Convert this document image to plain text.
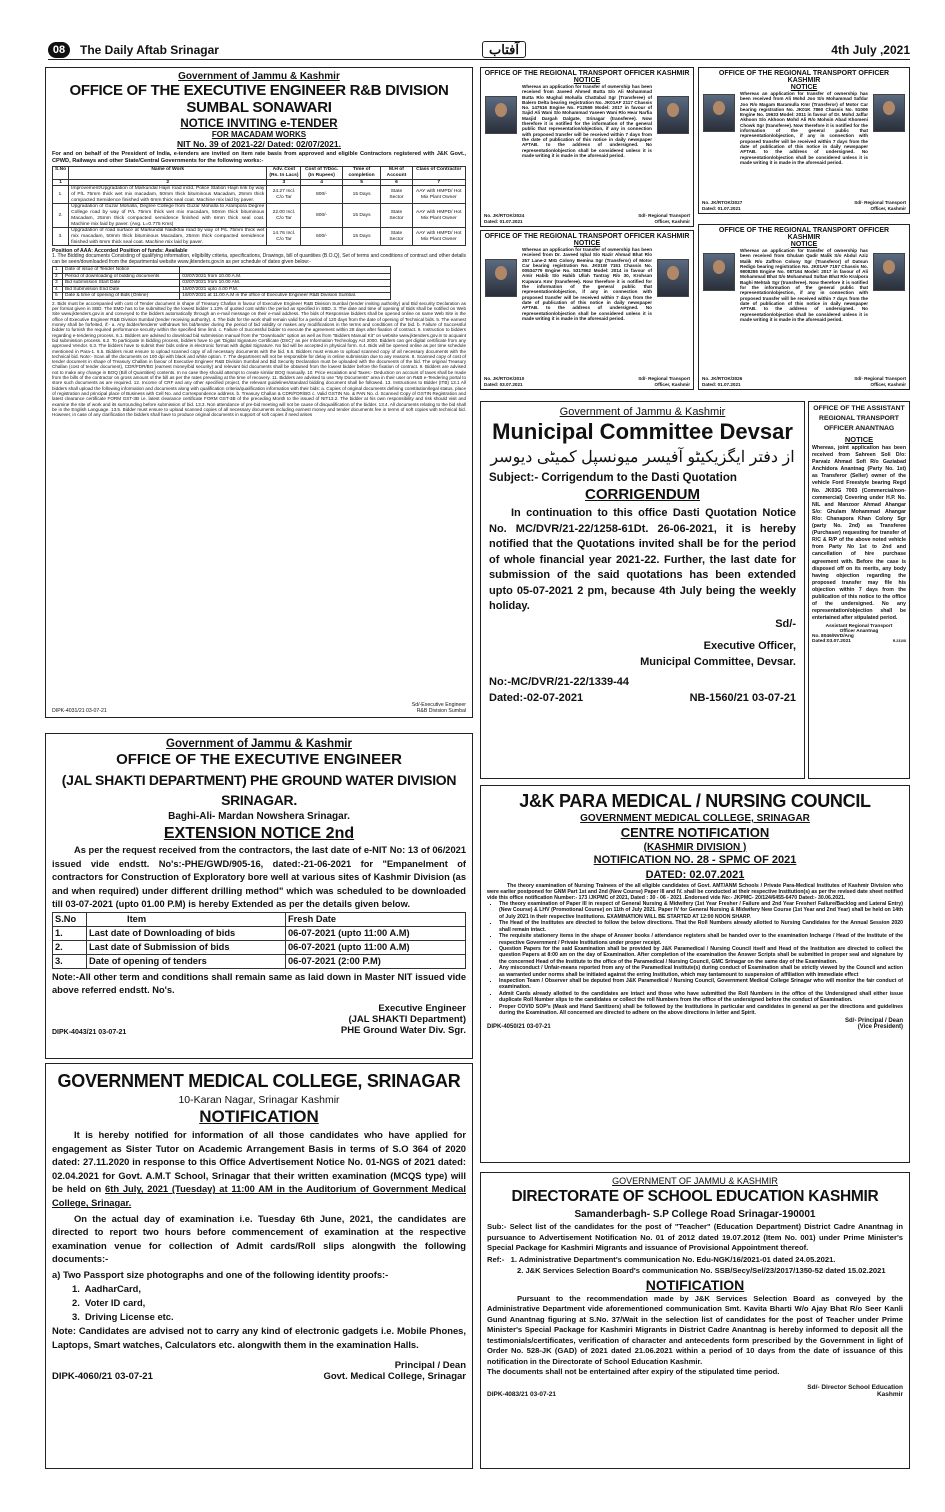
08	The Daily Aftab Srinagar	آفتاب	4th July ,2021
Government of Jammu & Kashmir
OFFICE OF THE EXECUTIVE ENGINEER R&B DIVISION SUMBAL SONAWARI
NOTICE INVITING e-TENDER
FOR MACADAM WORKS
NIT No. 39 of 2021-22/ Dated: 02/07/2021.
For and on behalf of the President of India, e-tenders are invited on item rate basis from approved and eligible Contractors registered with J&K Govt., CPWD, Railways and other State/Central Governments for the following works:-
S.No	Name of Work	Adv. Cost (Rs. In Lacs)	Cost of T/Doc. (In Rupees)	Time of completion	M.H of Account	Class of Contractor
1	2	3	4	5	6	7
1.	Improvement/Upgradation of Markundal Hajin road incld. Police Station Hajin link by way of P/L 75mm thick wet mix macadam, 50mm thick bituminous Macadam, 25mm thick compacted Semidence finished with 6mm thick seal coat. Machine mix laid by paver.	24.27 Incl. C/o Tar	800/-	15 Days	State Sector	AAY with HMPD/ Hot Mix Plant Owner
2.	Upgradation of Guzar Mohalla, Degree College from Guzar Mohalla to Arampora Degree College road by way of P/L 75mm thick wet mix macadam, 50mm thick bituminous Macadam, 25mm thick compacted semidence finished with 6mm thick seal coat. Machine mix laid by paver. (Avg. L=0.775 Kms)	22.00 Incl. C/o Tar	800/-	15 Days	State Sector	AAY with HMPD/ Hot Mix Plant Owner
3.	Upgradation of road surface at Markundal Naidkhai road by way of P/L 75mm thick wet mix macadam, 50mm thick bituminous Macadam, 25mm thick compacted semidence finished with 6mm thick seal coat. Machine mix laid by paver.	14.76 Incl. C/o Tar	600/-	15 Days	State Sector	AAY with HMPD/ Hot Mix Plant Owner
Position of AAA: Accorded Position of funds: Available
1. The Bidding documents Consisting of qualifying information, eligibility criteria, specifications, Drawings, bill of quantities (B.O.Q), Set of terms and conditions of contract and other details can be seen/downloaded from the departmental website www.jktenders.gov.in as per schedule of dates given below:-
1	Date of issue of Tender Notice	
2	Period of downloading of bidding documents	03/07/2021 from 10.00 A.M.
3	Bid submission Start Date	03/07/2021 from 10.00 AM.
4	Bid Submission End Date	15/07/2021 upto 4.00 P.M.
5	Date & time of opening of Bids (Online)	16/07/2021 at 11.00 A.M in the office of Executive Engineer R&B Division Sumbal.
2. Bids must be accompanied with cost of Tender document in shape of Treasury Challan in favour of Executive Engineer R&B Division Sumbal (tender inviting authority) and Bid security Declaration as per format given in SBD. The EMD has to be submitted by the lowest bidder 1.13% of quoted cost within the period as specified in SBD. 3. The date and time of opening of Bids shall be notified on Web Site www.jktenders.gov.in and conveyed to the bidders automatically through an e-mail message on their e-mail address. The bids of Responsive bidders shall be opened online on same Web Site in the office of Executive Engineer R&B Division Sumbal (tender receiving authority). 4. The bids for the work shall remain valid for a period of 120 days from the date of opening of Technical bids. 5. The earnest money shall be forfeited, if:- a. Any bidder/tenderer withdraws his bid/tender during the period of bid validity or makes any modifications in the terms and conditions of the bid. b. Failure of Successful bidder to furnish the required performance security within the specified time limit. c. Failure of Successful bidder to execute the agreement within 28 days after fixation of contract. 6. Instruction to bidders regarding e-tendering process. 6.1. Bidders are advised to download bid submission manual from the "Downloads" option as well as from "Bidders Manual Kit" on website www.jktenders.gov.in to acquaint bid submission process. 6.2. To participate in bidding process, bidders have to get 'Digital Signature Certificate (DSC)' as per Information Technology Act 2000. Bidders can get digital certificate from any approved Vendor. 6.3. The bidders have to submit their bids online in electronic format with digital Signature. No bid will be accepted in physical form. 6.4. Bids will be opened online as per time schedule mentioned in Para-1. 6.5. Bidders must ensure to upload scanned copy of all necessary documents with the bid. 6.6. Bidders must ensure to upload scanned copy of all necessary documents with the technical bid. Note:- Scan all the documents on 100 dpi with black and white option. 7. The department will not be responsible for delay in online submission due to any reasons. 8. Scanned copy of cost of tender document in shape of Treasury Challan in favour of Executive Engineer R&B Division Sumbal and Bid Security Declaration must be uploaded with the documents of the bid. The original Treasury Challan (cost of tender document), CDR/FDR/BG (earnest money/bid security) and relevant bid documents shall be obtained from the lowest bidder before the fixation of contract. 9. Bidders are advised not to make any change in BOQ (Bill of Quantities) contents. In no case they should attempt to create similar BOQ manually. 10. Price escalation and Taxes:- Deduction on account of taxes shall be made from the bills of the contractor on gross amount of the bill as per the rates prevailing at the time of recovery. 11. Bidders are advised to use "My Documents" area in their user on R&B e-Tendering portal to store such documents as are required. 12. Income of CRF and any other specified project, the relevant guidelines/standard bidding document shall be followed. 13. Instructions to Bidder (ITB) 13.1 All bidders shall upload the following information and documents along with qualification criteria/qualification information with their bids: a. Copies of original documents defining constitution/legal status, place of registration and principal place of Business with Cell No. and Correspondence address. b. Treasury Challan & CDR/FDR/BG c. Valid GSTIN No. & PAN No. d. Scanned Copy of GSTIN Registration and latest clearance certificate FORM GST-3B i.e. latest clearance certificate FORM GST-3B of the preceding Month to the issued of NIT13.2. The bidder at his own responsibility and risk should visit and examine the site of work and its surrounding before submission of bid. 13.3. Non attendance of pre-bid meeting will not be cause of disqualification of the bidder. 13.4. All documents relating to the bid shall be in the English Language. 13.5. Bidder must ensure to upload scanned copies of all necessary documents including earnest money and tender documents fee in terms of soft copies with technical bid. However, in case of any clarification the bidders shall have to produce original documents in support of soft copies if need arises
Sd/-Executive Engineer
DIPK-4031/21 03-07-21	R&B Division Sumbal
OFFICE OF THE REGIONAL TRANSPORT OFFICER KASHMIR
NOTICE
Whereas an application for transfer of ownership has been received from Javeed Ahmed Butta S/o Ali Mohammad Butta R/o Mughal Mohalla Chattabal Sgr (Transferee) of Balero Delta bearing registration No. JK01AF 2117 Chassis No. 147516 Engine No. F12569 Model: 2017 in favour of Sajid Ali Wani S/o Mohammad Yaseen Wani R/o Hear Narfia Masjid Dargah Dalgate, Srinagar (transferee). Now therefore it is notified for the information of the general public that representation/objection, if any in connection with proposed transfer will be received within 7 days from the date of publication of this notice in daily newspaper AFTAB. to the address of undersigned. No representation/objection shall be considered unless it is made writing it is made in the aforesaid period.
No. JK/RTOK/3024	Sd/- Regional Transport
Dated: 01.07.2021	Officer, Kashmir
OFFICE OF THE REGIONAL TRANSPORT OFFICER KASHMIR
NOTICE
Whereas an application for transfer of ownership has been received from Ali Mohd Joo S/o Mohammad Safdar Joo R/o Magam Baramulla Kmr (Transferor) of Motor Car bearing registration No. JK01K 7860 Chassis No. 51006 Engine No. 19633 Model: 2011 in favour of Dr. Mohd Jaffar Akhoon S/o Akhoon Mohd Ali R/o Mohsin Abad Khomeni Chowk Sgr (transferee). Now therefore it is notified for the information of the general public that representation/objection, if any in connection with proposed transfer will be received within 7 days from the date of publication of this notice in daily newspaper AFTAB. to the address of undersigned. No representation/objection shall be considered unless it is made writing it is made in the aforesaid period.
No. JK/RTOK/3027	Sd/- Regional Transport
Dated: 01.07.2021	Officer, Kashmir
OFFICE OF THE REGIONAL TRANSPORT OFFICER KASHMIR
NOTICE
Whereas an application for transfer of ownership has been received from Dr. Javeed Iqbal S/o Nazir Ahmad Bhat R/o 257 Lane-2 MIG Colony Bemina Sgr (Transferor) of Motor Car bearing registration No. JK01W 7151 Chassis No. 00534779 Engine No. 5317862 Model: 2014 in favour of Amir Habib S/o Habib Ullah Tantray R/o 30, Krohsan Kupwara Kmr (transferee). Now therefore it is notified for the information of the general public that representation/objection, if any in connection with proposed transfer will be received within 7 days from the date of publication of this notice in daily newspaper AFTAB. to the address of undersigned. No representation/objection shall be considered unless it is made writing it is made in the aforesaid period.
No. JK/RTOK/3010	Sd/- Regional Transport
Dated: 03.07.2021	Officer, Kashmir
OFFICE OF THE REGIONAL TRANSPORT OFFICER KASHMIR
NOTICE
Whereas an application for transfer of ownership has been received from Ghulam Qadir Malik S/o Abdul Aziz Malik R/o Zaffron Colony Sgr (Transferor) of Datsun Redigo bearing registration No. JK01AF 7157 Chassis No. 9808255 Engine No. 087164 Model: 2017 in favour of Ali Mohammad Bhat S/o Mohammad Sultan Bhat R/o Kralpora Baghi Mehtab Sgr (transferee). Now therefore it is notified for the information of the general public that representation/objection, if any in connection with proposed transfer will be received within 7 days from the date of publication of this notice in daily newspaper AFTAB. to the address of undersigned. No representation/objection shall be considered unless it is made writing it is made in the aforesaid period.
No. JK/RTOK/3026	Sd/- Regional Transport
Dated: 01.07.2021	Officer, Kashmir
Government of Jammu & Kashmir
Municipal Committee Devsar
از دفتر ایگزیکیٹو آفیسر میونسپل کمیٹی دیوسر
Subject:- Corrigendum to the Dasti Quotation
CORRIGENDUM
In continuation to this office Dasti Quotation Notice No. MC/DVR/21-22/1258-61Dt. 26-06-2021, it is hereby notified that the Quotations invited shall be for the period of whole financial year 2021-22. Further, the last date for submission of the said quotations has been extended upto 05-07-2021 2 pm, because 4th July being the weekly holiday.
Sd/-
Executive Officer,
Municipal Committee, Devsar.
No:-MC/DVR/21-22/1339-44
Dated:-02-07-2021	NB-1560/21 03-07-21
OFFICE OF THE ASSISTANT
REGIONAL TRANSPORT
OFFICER ANANTNAG
NOTICE
Whereas, joint application has been received from Sahreen Soli D/o: Parvaiz Ahmad Sofi R/o Gaziabad Anchidora Anantnag (Party No. 1st) as Transferor (Seller) owner of the vehicle Ford Freestyle bearing Regd No. JK03G 7003 (Commercial/non-commercial) Covering under H.P. No. NIL and Manzoor Ahmad Ahangar S/o: Ghulam Mohammad Ahangar R/o: Chanapora Khan Colony Sgr (party No. 2nd) as Transferee (Purchaser) requesting for transfer of R/C & R/P of the above noted vehicle from Party No 1st to 2nd and cancellation of hire purchase agreement with. Before the case is disposed off on its merits, any body having objection regarding the proposed transfer may file his objection within 7 days from the publication of this notice to the office of the undersigned. No any representation/objection shall be entertained after stipulated period.
Assistant Regional Transport
Officer Anantnag
No. 8046/NVD/Ang
Dated:03.07.2021	R.23108
Government of Jammu & Kashmir
OFFICE OF THE EXECUTIVE ENGINEER
(JAL SHAKTI DEPARTMENT) PHE GROUND WATER DIVISION SRINAGAR.
Baghi-Ali- Mardan Nowshera Srinagar.
EXTENSION NOTICE 2nd
As per the request received from the contractors, the last date of e-NIT No: 13 of 06/2021 issued vide endstt. No's:-PHE/GWD/905-16, dated:-21-06-2021 for "Empanelment of contractors for Construction of Exploratory bore well at various sites of Kashmir Division (as and when required) under different drilling method" which was scheduled to be downloaded till 03-07-2021 (upto 01.00 P.M) is hereby Extended as per the details given below.
S.No	Item	Fresh Date
1.	Last date of Downloading of bids	06-07-2021 (upto 11:00 A.M)
2.	Last date of Submission of bids	06-07-2021 (upto 11:00 A.M)
3.	Date of opening of tenders	06-07-2021 (2:00 P.M)
Note:-All other term and conditions shall remain same as laid down in Master NIT issued vide above referred endstt. No's.
Executive Engineer
(JAL SHAKTI Department)
DIPK-4043/21 03-07-21	PHE Ground Water Div. Sgr.
GOVERNMENT MEDICAL COLLEGE, SRINAGAR
10-Karan Nagar, Srinagar Kashmir
NOTIFICATION
It is hereby notified for information of all those candidates who have applied for engagement as Sister Tutor on Academic Arrangement Basis in terms of S.O 364 of 2020 dated: 27.11.2020 in response to this Office Advertisement Notice No. 01-NGS of 2021 dated: 02.04.2021 for Govt. A.M.T School, Srinagar that their written examination (MCQS type) will be held on 6th July, 2021 (Tuesday) at 11:00 AM in the Auditorium of Government Medical College, Srinagar.
On the actual day of examination i.e. Tuesday 6th June, 2021, the candidates are directed to report two hours before commencement of examination at the respective examination venue for collection of Admit cards/Roll slips alongwith the following documents:-
a) Two Passport size photographs and one of the following identity proofs:-
1.  AadharCard,
2.  Voter ID card,
3.  Driving License etc.
Note: Candidates are advised not to carry any kind of electronic gadgets i.e. Mobile Phones, Laptops, Smart watches, Calculators etc. alongwith them in the examination Halls.
Principal / Dean
DIPK-4060/21 03-07-21	Govt. Medical College, Srinagar
J&K PARA MEDICAL / NURSING COUNCIL
GOVERNMENT MEDICAL COLLEGE, SRINAGAR
CENTRE NOTIFICATION
(KASHMIR DIVISION )
NOTIFICATION NO. 28 - SPMC OF 2021
DATED: 02.07.2021
The theory examination of Nursing Trainees of the all eligible candidates of Govt. AMT/ANM Schools / Private Para-Medical Institutes of Kashmir Division who were earlier postponed for GNM Part 1st and 2nd (New Course) Paper III and IV. shall be conducted at their respective Institution(s) as per the revised date sheet notified vide this office notification Number:- 173 /JKPMC of 2021, Dated : 30 - 06 - 2021 .Endorsed vide No:- JKPMC- 20/124/6455-6470 Dated:- 30.06.2021.
▪ The theory examination of Paper III in respect of General Nursing & Midwifery (1st Year Fresher / Failure and 2nd Year Fresher/ Failure/Backlog and Lateral Entry) (New Course) & LHV (Promotional Course) on 11th of July 2021. Paper IV for General Nursing & Midwifery New Course (1st Year and 2nd Year) shall be held on 14th of July 2021 in their respective Institutions. EXAMINATION WILL BE STARTED AT 12:00 NOON SHARP.
▪ The Head of the Institutes are directed to follow the below directions. That the Roll Numbers already allotted to Nursing Candidates for the Annual Session 2020 shall remain intact.
▪ The requisite stationery items in the shape of Answer books / attendance registers shall be handed over to the examination Incharge / Head of the Institute of the respective Government / Private Institutions under proper receipt.
▪ Question Papers for the said Examination shall be provided by J&K Paramedical / Nursing Council itself and Head of the Institution are directed to collect the question Papers at 8:00 am on the day of Examination. After completion of the examination the Answer Scripts shall be submitted in proper seal and signature by the concerned Head of the Institute to the office of the Paramedical / Nursing Council, GMC Srinagar on the same day of the Examination.
▪ Any misconduct / Unfair-means reported from any of the Paramedical Institute(s) during conduct of Examination shall be strictly viewed by the Council and action as warranted under norms shall be initiated against the erring Institution, which may tantamount to suspension of affiliation with immediate effect
▪ Inspection Team / Observer shall be deputed from J&K Paramedical / Nursing Council, Government Medical College Srinagar who will monitor the fair conduct of examination.
▪ Admit Cards already allotted to the candidates are intact and those who have submitted the Roll Numbers in the office of the Undersigned shall either issue duplicate Roll Number slips to the candidates or collect the roll Numbers from the office of the undersigned before the conduct of Examination.
▪ Proper COVID SOP's (Mask and Hand Sanitizers) shall be followed by the Institutions in particular and candidates in general as per the directions and guidelines during the Examination. All concerned are directed to adhere on the above directions in letter and Spirit.
Sd/- Principal / Dean
DIPK-4050/21 03-07-21	(Vice President)
GOVERNMENT OF JAMMU & KASHMIR
DIRECTORATE OF SCHOOL EDUCATION KASHMIR
Samanderbagh- S.P College Road Srinagar-190001
Sub:- Select list of the candidates for the post of "Teacher" (Education Department) District Cadre Anantnag in pursuance to Advertisement Notification No. 01 of 2012 dated 19.07.2012 (Item No. 001) under Prime Minister's Special Package for Kashmiri Migrants and issuance of Provisional Appointment thereof.
Ref:-   1. Administrative Department's communication No. Edu-NGK/16/2021-01 dated 24.05.2021.
2. J&K Services Selection Board's communication No. SSB/Secy/Sel/23/2017/1350-52 dated 15.02.2021
NOTIFICATION
Pursuant to the recommendation made by J&K Services Selection Board as conveyed by the Administrative Department vide aforementioned communication Smt. Kavita Bharti W/o Ajay Bhat R/o Seer Kanli Gund Anantnag figuring at S.No. 37/Wait in the selection list of candidates for the post of Teacher under Prime Minister's Special Package for Kashmiri Migrants in District Cadre Anantnag is hereby informed to deposit all the testimonials/certificates, verification of character and antecedents form prescribed by the Government in light of Order No. 528-JK (GAD) of 2021 dated 21.06.2021 within a period of 10 days from the date of issuance of this notification in the Directorate of School Education Kashmir.
The documents shall not be entertained after expiry of the stipulated time period.
Sd/- Director School Education
DIPK-4083/21 03-07-21	Kashmir
